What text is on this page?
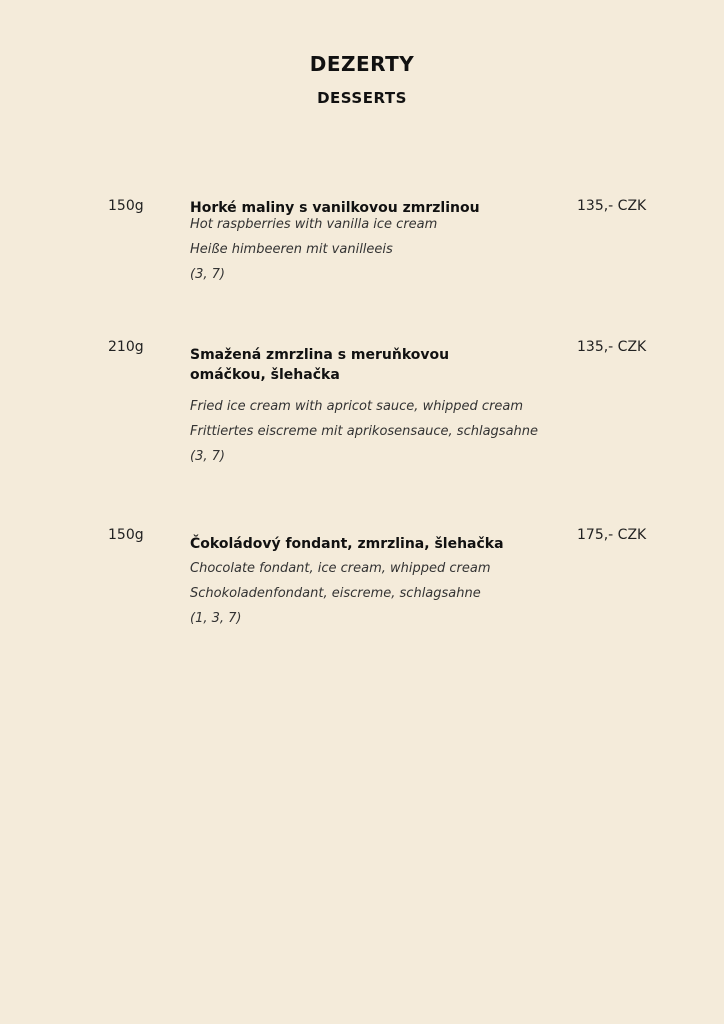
DEZERTY
DESSERTS
150g	Horké maliny s vanilkovou zmrzlinou
Hot raspberries with vanilla ice cream
Heiße himbeeren mit vanilleeis
(3, 7)
135,- CZK
210g	Smažená zmrzlina s meruňkovou omáčkou, šlehačka
Fried ice cream with apricot sauce, whipped cream
Frittiertes eiscreme mit aprikosensauce, schlagsahne
(3, 7)
135,- CZK
150g
Čokoládový fondant, zmrzlina, šlehačka
Chocolate fondant, ice cream, whipped cream
Schokoladenfondant, eiscreme, schlagsahne
(1, 3, 7)
175,- CZK
